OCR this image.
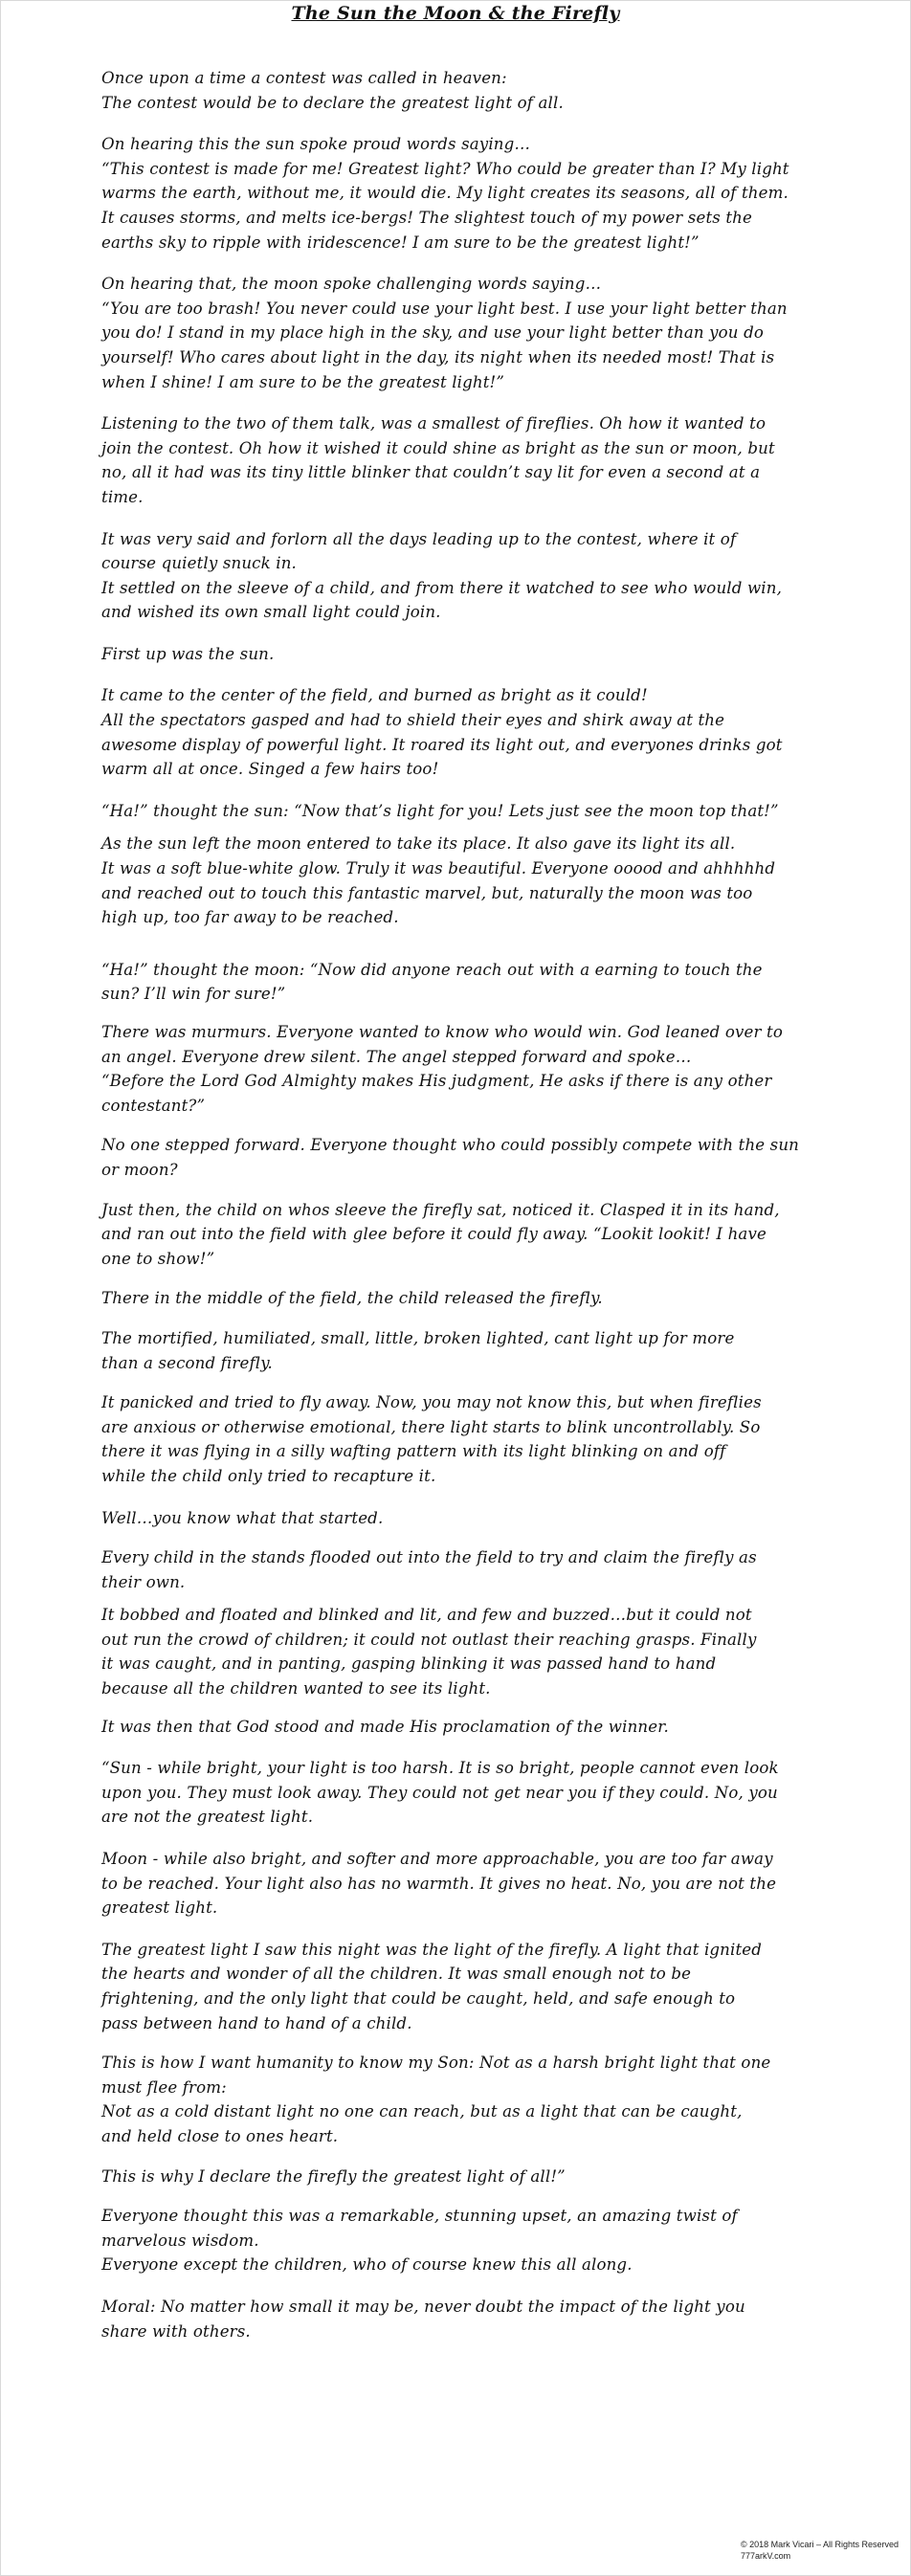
The Sun the Moon & the Firefly
Once upon a time a contest was called in heaven:
The contest would be to declare the greatest light of all.
On hearing this the sun spoke proud words saying…
“This contest is made for me! Greatest light? Who could be greater than I? My light
warms the earth, without me, it would die. My light creates its seasons, all of them.
It causes storms, and melts ice-bergs! The slightest touch of my power sets the
earths sky to ripple with iridescence! I am sure to be the greatest light!”
On hearing that, the moon spoke challenging words saying…
“You are too brash! You never could use your light best. I use your light better than
you do! I stand in my place high in the sky, and use your light better than you do
yourself! Who cares about light in the day, its night when its needed most! That is
when I shine! I am sure to be the greatest light!”
Listening to the two of them talk, was a smallest of fireflies. Oh how it wanted to
join the contest. Oh how it wished it could shine as bright as the sun or moon, but
no, all it had was its tiny little blinker that couldn’t say lit for even a second at a
time.
It was very said and forlorn all the days leading up to the contest, where it of
course quietly snuck in.
It settled on the sleeve of a child, and from there it watched to see who would win,
and wished its own small light could join.
First up was the sun.
It came to the center of the field, and burned as bright as it could!
All the spectators gasped and had to shield their eyes and shirk away at the
awesome display of powerful light. It roared its light out, and everyones drinks got
warm all at once. Singed a few hairs too!
“Ha!” thought the sun: “Now that’s light for you! Lets just see the moon top that!”
As the sun left the moon entered to take its place. It also gave its light its all.
It was a soft blue-white glow. Truly it was beautiful. Everyone ooood and ahhhhhd
and reached out to touch this fantastic marvel, but, naturally the moon was too
high up, too far away to be reached.
“Ha!” thought the moon: “Now did anyone reach out with a earning to touch the
sun? I’ll win for sure!”
There was murmurs. Everyone wanted to know who would win. God leaned over to
an angel. Everyone drew silent. The angel stepped forward and spoke…
“Before the Lord God Almighty makes His judgment, He asks if there is any other
contestant?”
No one stepped forward. Everyone thought who could possibly compete with the sun
or moon?
Just then, the child on whos sleeve the firefly sat, noticed it. Clasped it in its hand,
and ran out into the field with glee before it could fly away. “Lookit lookit! I have
one to show!”
There in the middle of the field, the child released the firefly.
The mortified, humiliated, small, little, broken lighted, cant light up for more
than a second firefly.
It panicked and tried to fly away. Now, you may not know this, but when fireflies
are anxious or otherwise emotional, there light starts to blink uncontrollably. So
there it was flying in a silly wafting pattern with its light blinking on and off
while the child only tried to recapture it.
Well…you know what that started.
Every child in the stands flooded out into the field to try and claim the firefly as
their own.
It bobbed and floated and blinked and lit, and few and buzzed…but it could not
out run the crowd of children; it could not outlast their reaching grasps. Finally
it was caught, and in panting, gasping blinking it was passed hand to hand
because all the children wanted to see its light.
It was then that God stood and made His proclamation of the winner.
“Sun - while bright, your light is too harsh. It is so bright, people cannot even look
upon you. They must look away. They could not get near you if they could. No, you
are not the greatest light.
Moon - while also bright, and softer and more approachable, you are too far away
to be reached. Your light also has no warmth. It gives no heat. No, you are not the
greatest light.
The greatest light I saw this night was the light of the firefly. A light that ignited
the hearts and wonder of all the children. It was small enough not to be
frightening, and the only light that could be caught, held, and safe enough to
pass between hand to hand of a child.
This is how I want humanity to know my Son: Not as a harsh bright light that one
must flee from:
Not as a cold distant light no one can reach, but as a light that can be caught,
and held close to ones heart.
This is why I declare the firefly the greatest light of all!”
Everyone thought this was a remarkable, stunning upset, an amazing twist of
marvelous wisdom.
Everyone except the children, who of course knew this all along.
Moral: No matter how small it may be, never doubt the impact of the light you
share with others.
© 2018 Mark Vicari – All Rights Reserved
777arkV.com
